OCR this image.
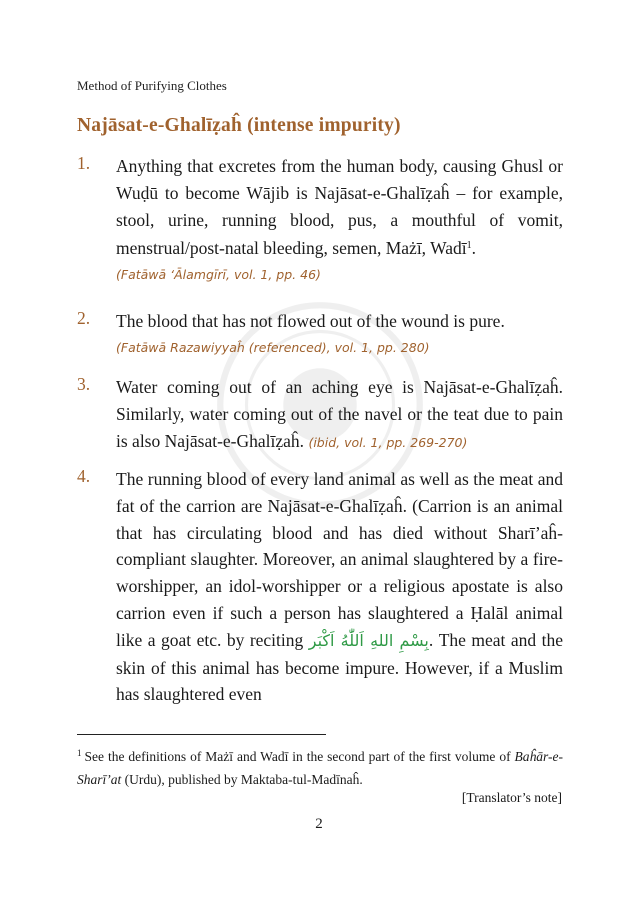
Method of Purifying Clothes
Najāsat-e-Ghalīẓaĥ (intense impurity)
1. Anything that excretes from the human body, causing Ghusl or Wuḍū to become Wājib is Najāsat-e-Ghalīẓaĥ – for example, stool, urine, running blood, pus, a mouthful of vomit, menstrual/post-natal bleeding, semen, Mażī, Wadī$^1$.
(Fatāwā ‘Ālamgīrī, vol. 1, pp. 46)
2. The blood that has not flowed out of the wound is pure.
(Fatāwā Razawiyyaĥ (referenced), vol. 1, pp. 280)
3. Water coming out of an aching eye is Najāsat-e-Ghalīẓaĥ. Similarly, water coming out of the navel or the teat due to pain is also Najāsat-e-Ghalīẓaĥ. (ibid, vol. 1, pp. 269-270)
4. The running blood of every land animal as well as the meat and fat of the carrion are Najāsat-e-Ghalīẓaĥ. (Carrion is an animal that has circulating blood and has died without Sharī’aĥ-compliant slaughter. Moreover, an animal slaughtered by a fire-worshipper, an idol-worshipper or a religious apostate is also carrion even if such a person has slaughtered a Ḥalāl animal like a goat etc. by reciting بِسْمِ اللهِ اَللّٰهُ اَكْبَر. The meat and the skin of this animal has become impure. However, if a Muslim has slaughtered even
$^1$ See the definitions of Mażī and Wadī in the second part of the first volume of Baĥār-e-Sharī’at (Urdu), published by Maktaba-tul-Madīnaĥ.
[Translator’s note]
2
